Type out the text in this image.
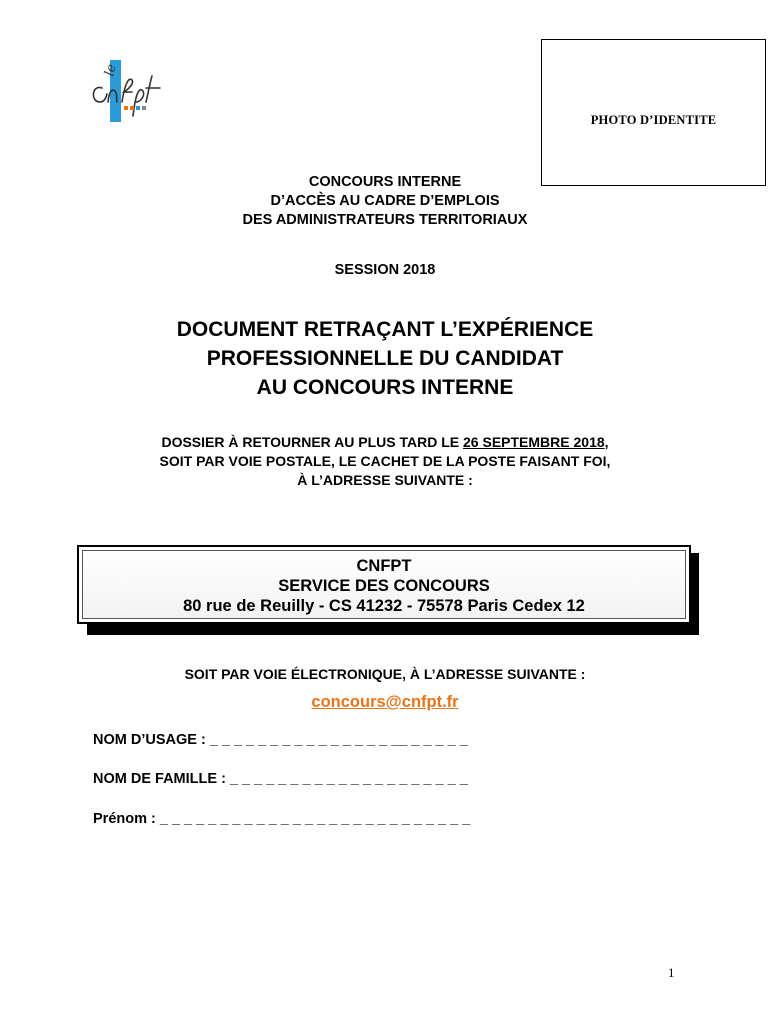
le
PHOTO D’IDENTITE
CONCOURS INTERNE
D’ACCÈS AU CADRE D’EMPLOIS
DES ADMINISTRATEURS TERRITORIAUX
SESSION 2018
DOCUMENT RETRAÇANT L’EXPÉRIENCE
PROFESSIONNELLE DU CANDIDAT
AU CONCOURS INTERNE
DOSSIER À RETOURNER AU PLUS TARD LE 26 SEPTEMBRE 2018,
SOIT PAR VOIE POSTALE, LE CACHET DE LA POSTE FAISANT FOI,
À L’ADRESSE SUIVANTE :
CNFPT
SERVICE DES CONCOURS
80 rue de Reuilly - CS 41232 - 75578 Paris Cedex 12
SOIT PAR VOIE ÉLECTRONIQUE, À L’ADRESSE SUIVANTE :
concours@cnfpt.fr
NOM D’USAGE : _ _ _ _ _ _ _ _ _ _ _ _ _ _ _ __ _ _ _ _ _
NOM DE FAMILLE : _ _ _ _ _ _ _ _ _ _ _ _ _ _ _ _ _ _ _ _
Prénom : _ _ _ _ _ _ _ _ _ _ _ _ _ _ _ _ _ _ _ _ _ _ _ _ _ _
1
